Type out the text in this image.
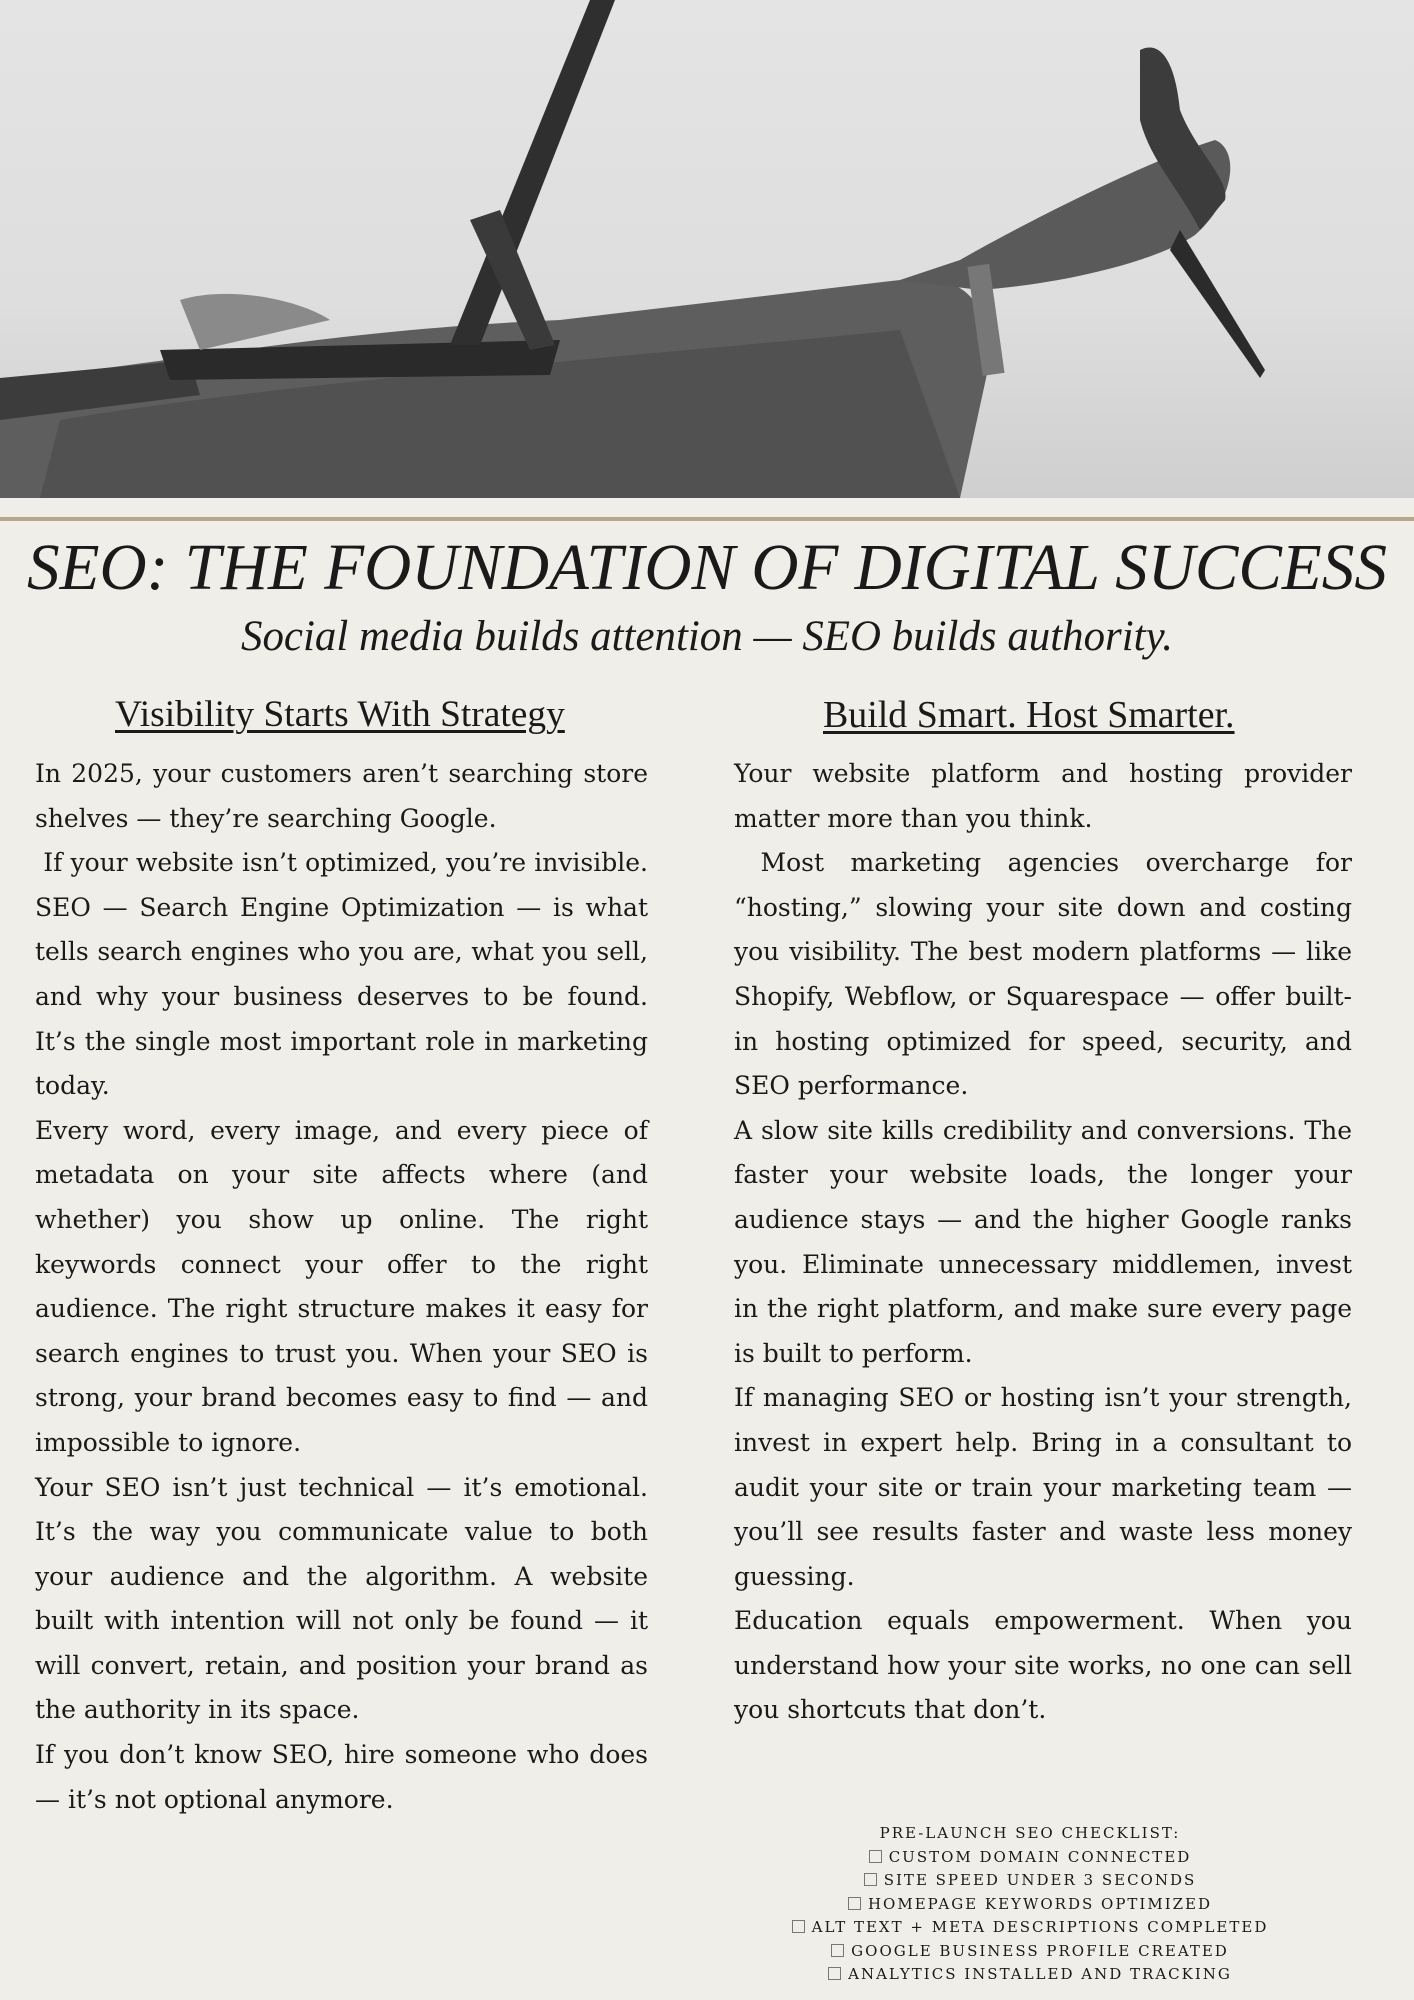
SEO: THE FOUNDATION OF DIGITAL SUCCESS
Social media builds attention — SEO builds authority.
Visibility Starts With Strategy	Build Smart. Host Smarter.

In 2025, your customers aren’t searching store shelves — they’re searching Google.

If your website isn’t optimized, you’re invisible. SEO — Search Engine Optimization — is what tells search engines who you are, what you sell, and why your business deserves to be found. It’s the single most important role in marketing today.

Every word, every image, and every piece of metadata on your site affects where (and whether) you show up online. The right keywords connect your offer to the right audience. The right structure makes it easy for search engines to trust you. When your SEO is strong, your brand becomes easy to find — and impossible to ignore.

Your SEO isn’t just technical — it’s emotional. It’s the way you communicate value to both your audience and the algorithm. A website built with intention will not only be found — it will convert, retain, and position your brand as the authority in its space.

If you don’t know SEO, hire someone who does — it’s not optional anymore.

Your website platform and hosting provider matter more than you think.

Most marketing agencies overcharge for “hosting,” slowing your site down and costing you visibility. The best modern platforms — like Shopify, Webflow, or Squarespace — offer built-in hosting optimized for speed, security, and SEO performance.

A slow site kills credibility and conversions. The faster your website loads, the longer your audience stays — and the higher Google ranks you. Eliminate unnecessary middlemen, invest in the right platform, and make sure every page is built to perform.

If managing SEO or hosting isn’t your strength, invest in expert help. Bring in a consultant to audit your site or train your marketing team — you’ll see results faster and waste less money guessing.

Education equals empowerment. When you understand how your site works, no one can sell you shortcuts that don’t.

PRE-LAUNCH SEO CHECKLIST:
CUSTOM DOMAIN CONNECTED
SITE SPEED UNDER 3 SECONDS
HOMEPAGE KEYWORDS OPTIMIZED
ALT TEXT + META DESCRIPTIONS COMPLETED
GOOGLE BUSINESS PROFILE CREATED
ANALYTICS INSTALLED AND TRACKING
